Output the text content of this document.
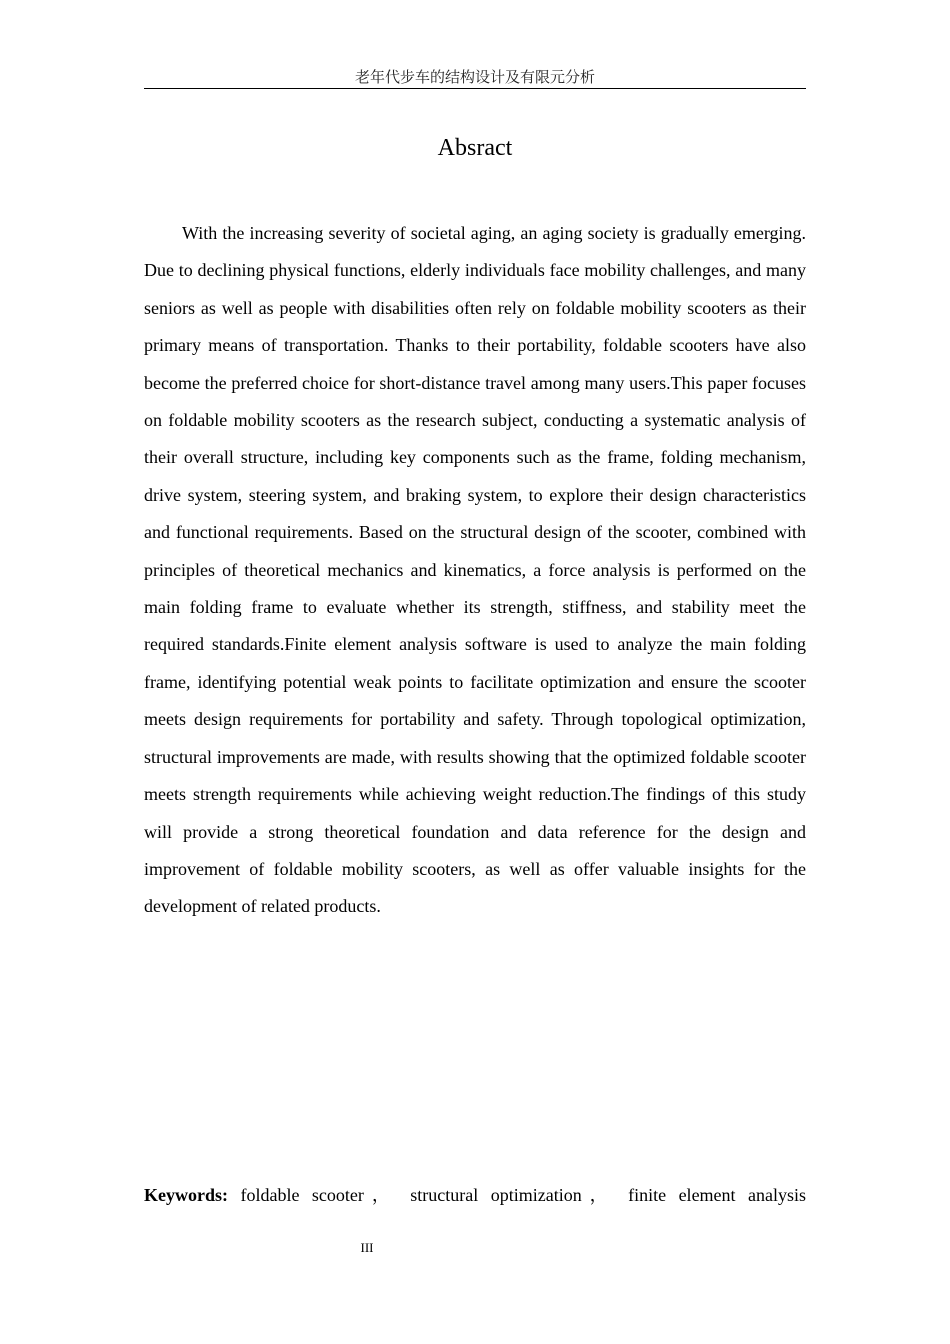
老年代步车的结构设计及有限元分析
Absract

With the increasing severity of societal aging, an aging society is gradually emerging. Due to declining physical functions, elderly individuals face mobility challenges, and many seniors as well as people with disabilities often rely on foldable mobility scooters as their primary means of transportation. Thanks to their portability, foldable scooters have also become the preferred choice for short-distance travel among many users.This paper focuses on foldable mobility scooters as the research subject, conducting a systematic analysis of their overall structure, including key components such as the frame, folding mechanism, drive system, steering system, and braking system, to explore their design characteristics and functional requirements. Based on the structural design of the scooter, combined with principles of theoretical mechanics and kinematics, a force analysis is performed on the main folding frame to evaluate whether its strength, stiffness, and stability meet the required standards.Finite element analysis software is used to analyze the main folding frame, identifying potential weak points to facilitate optimization and ensure the scooter meets design requirements for portability and safety. Through topological optimization, structural improvements are made, with results showing that the optimized foldable scooter meets strength requirements while achieving weight reduction.The findings of this study will provide a strong theoretical foundation and data reference for the design and improvement of foldable mobility scooters, as well as offer valuable insights for the development of related products.

Keywords: foldable scooter， structural optimization， finite element analysis
III
